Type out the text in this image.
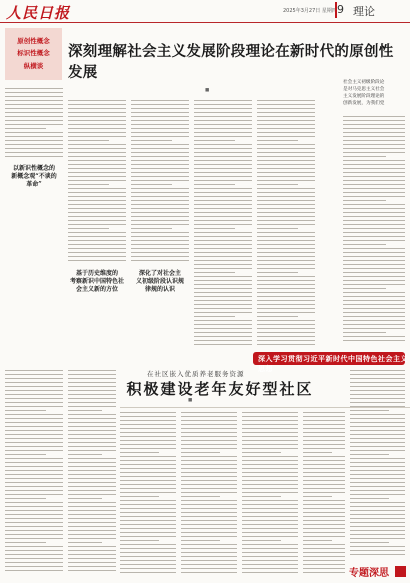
人民日报	2025年3月27日 星期四 9 理论
原创性概念
标识性概念
纵横谈
深刻理解社会主义发展阶段理论在新时代的原创性发展
■
以新识性概念的
新概念观“不谈的
革命”
基于历史维度的
考察新识中国特色社
会主义新的方位
深化了对社会主
义初级阶段认识规
律规的认识
社会主义初级阶段论
是对马克思主义社会
主义发展阶段理论的
创新发展，为我们党
深入学习贯彻习近平新时代中国特色社会主义思想
在社区嵌入优质养老服务资源
积极建设老年友好型社区
■
专题深思
